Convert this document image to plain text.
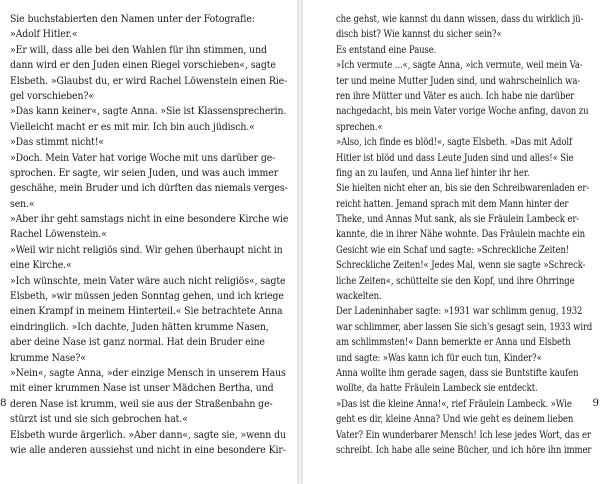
Sie buchstabierten den Namen unter der Fotografie:
»Adolf Hitler.«
»Er will, dass alle bei den Wahlen für ihn stimmen, und
dann wird er den Juden einen Riegel vorschieben«, sagte
Elsbeth. »Glaubst du, er wird Rachel Löwenstein einen Rie-
gel vorschieben?«
»Das kann keiner«, sagte Anna. »Sie ist Klassensprecherin.
Vielleicht macht er es mit mir. Ich bin auch jüdisch.«
»Das stimmt nicht!«
»Doch. Mein Vater hat vorige Woche mit uns darüber ge-
sprochen. Er sagte, wir seien Juden, und was auch immer
geschähe, mein Bruder und ich dürften das niemals verges-
sen.«
»Aber ihr geht samstags nicht in eine besondere Kirche wie
Rachel Löwenstein.«
»Weil wir nicht religiös sind. Wir gehen überhaupt nicht in
eine Kirche.«
»Ich wünschte, mein Vater wäre auch nicht religiös«, sagte
Elsbeth, »wir müssen jeden Sonntag gehen, und ich kriege
einen Krampf in meinem Hinterteil.« Sie betrachtete Anna
eindringlich. »Ich dachte, Juden hätten krumme Nasen,
aber deine Nase ist ganz normal. Hat dein Bruder eine
krumme Nase?«
»Nein«, sagte Anna, »der einzige Mensch in unserem Haus
mit einer krummen Nase ist unser Mädchen Bertha, und
deren Nase ist krumm, weil sie aus der Straßenbahn ge-
stürzt ist und sie sich gebrochen hat.«
Elsbeth wurde ärgerlich. »Aber dann«, sagte sie, »wenn du
wie alle anderen aussiehst und nicht in eine besondere Kir-
8
che gehst, wie kannst du dann wissen, dass du wirklich jü-
disch bist? Wie kannst du sicher sein?«
Es entstand eine Pause.
»Ich vermute ...«, sagte Anna, »ich vermute, weil mein Va-
ter und meine Mutter Juden sind, und wahrscheinlich wa-
ren ihre Mütter und Väter es auch. Ich habe nie darüber
nachgedacht, bis mein Vater vorige Woche anfing, davon zu
sprechen.«
»Also, ich finde es blöd!«, sagte Elsbeth. »Das mit Adolf
Hitler ist blöd und dass Leute Juden sind und alles!« Sie
fing an zu laufen, und Anna lief hinter ihr her.
Sie hielten nicht eher an, bis sie den Schreibwarenladen er-
reicht hatten. Jemand sprach mit dem Mann hinter der
Theke, und Annas Mut sank, als sie Fräulein Lambeck er-
kannte, die in ihrer Nähe wohnte. Das Fräulein machte ein
Gesicht wie ein Schaf und sagte: »Schreckliche Zeiten!
Schreckliche Zeiten!« Jedes Mal, wenn sie sagte »Schreck-
liche Zeiten«, schüttelte sie den Kopf, und ihre Ohrringe
wackelten.
Der Ladeninhaber sagte: »1931 war schlimm genug, 1932
war schlimmer, aber lassen Sie sich's gesagt sein, 1933 wird
am schlimmsten!« Dann bemerkte er Anna und Elsbeth
und sagte: »Was kann ich für euch tun, Kinder?«
Anna wollte ihm gerade sagen, dass sie Buntstifte kaufen
wollte, da hatte Fräulein Lambeck sie entdeckt.
»Das ist die kleine Anna!«, rief Fräulein Lambeck. »Wie
geht es dir, kleine Anna? Und wie geht es deinem lieben
Vater? Ein wunderbarer Mensch! Ich lese jedes Wort, das er
schreibt. Ich habe alle seine Bücher, und ich höre ihn immer
9
